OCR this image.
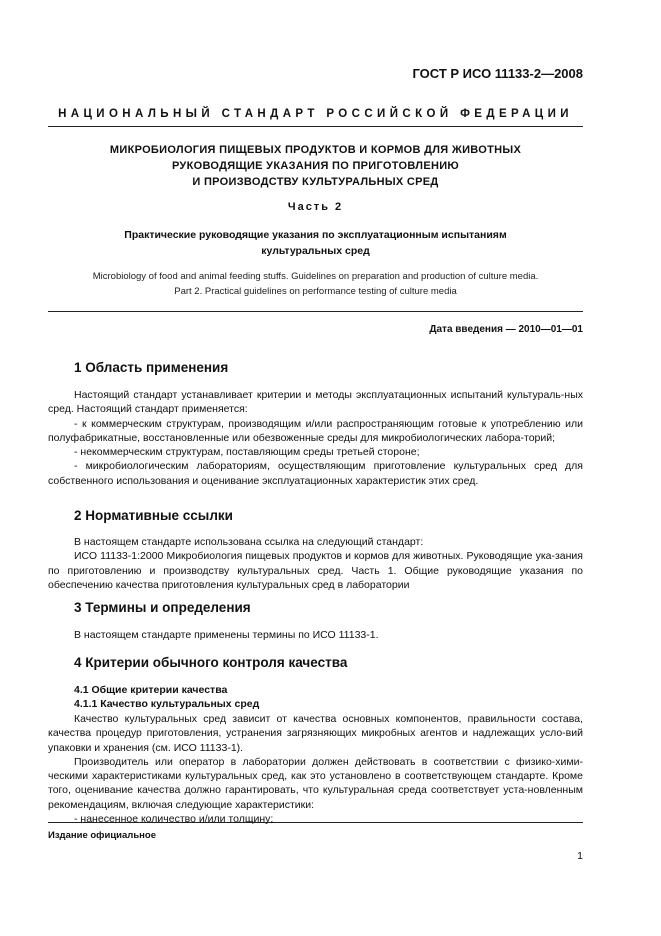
ГОСТ Р ИСО 11133-2—2008
НАЦИОНАЛЬНЫЙ СТАНДАРТ РОССИЙСКОЙ ФЕДЕРАЦИИ
МИКРОБИОЛОГИЯ ПИЩЕВЫХ ПРОДУКТОВ И КОРМОВ ДЛЯ ЖИВОТНЫХ
РУКОВОДЯЩИЕ УКАЗАНИЯ ПО ПРИГОТОВЛЕНИЮ
И ПРОИЗВОДСТВУ КУЛЬТУРАЛЬНЫХ СРЕД
Часть 2
Практические руководящие указания по эксплуатационным испытаниям
культуральных сред
Microbiology of food and animal feeding stuffs. Guidelines on preparation and production of culture media.
Part 2. Practical guidelines on performance testing of culture media
Дата введения — 2010—01—01
1 Область применения
Настоящий стандарт устанавливает критерии и методы эксплуатационных испытаний культураль-ных сред. Настоящий стандарт применяется:
- к коммерческим структурам, производящим и/или распространяющим готовые к употреблению или полуфабрикатные, восстановленные или обезвоженные среды для микробиологических лабора-торий;
- некоммерческим структурам, поставляющим среды третьей стороне;
- микробиологическим лабораториям, осуществляющим приготовление культуральных сред для собственного использования и оценивание эксплуатационных характеристик этих сред.
2 Нормативные ссылки
В настоящем стандарте использована ссылка на следующий стандарт:
ИСО 11133-1:2000 Микробиология пищевых продуктов и кормов для животных. Руководящие ука-зания по приготовлению и производству культуральных сред. Часть 1. Общие руководящие указания по обеспечению качества приготовления культуральных сред в лаборатории
3 Термины и определения
В настоящем стандарте применены термины по ИСО 11133-1.
4 Критерии обычного контроля качества
4.1 Общие критерии качества
4.1.1 Качество культуральных сред
Качество культуральных сред зависит от качества основных компонентов, правильности состава, качества процедур приготовления, устранения загрязняющих микробных агентов и надлежащих усло-вий упаковки и хранения (см. ИСО 11133-1).
Производитель или оператор в лаборатории должен действовать в соответствии с физико-хими-ческими характеристиками культуральных сред, как это установлено в соответствующем стандарте. Кроме того, оценивание качества должно гарантировать, что культуральная среда соответствует уста-новленным рекомендациям, включая следующие характеристики:
- нанесенное количество и/или толщину;
Издание официальное
1
